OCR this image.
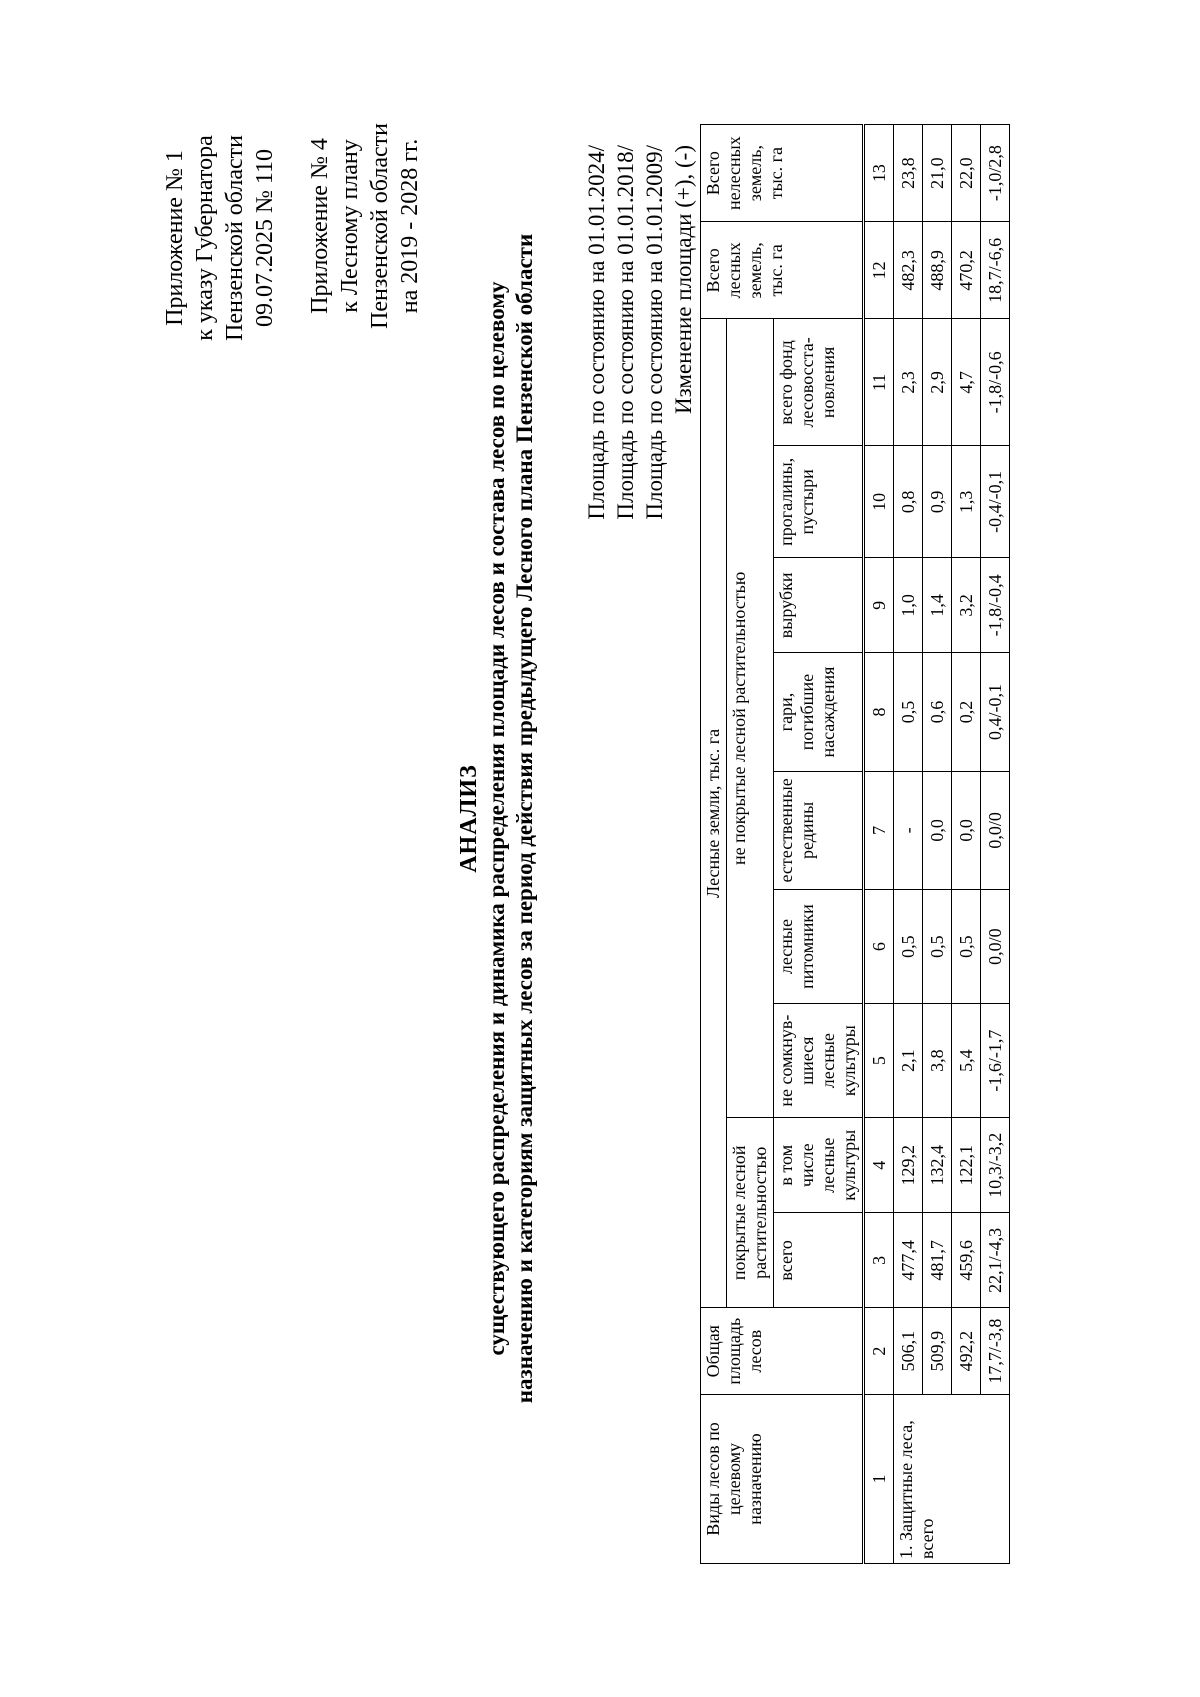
Приложение № 1 к указу Губернатора Пензенской области 09.07.2025 № 110 Приложение № 4 к Лесному плану Пензенской области на 2019 - 2028 гг.
АНАЛИЗ существующего распределения и динамика распределения площади лесов и состава лесов по целевому назначению и категориям защитных лесов за период действия предыдущего Лесного плана Пензенской области Площадь по состоянию на 01.01.2024/ Площадь по состоянию на 01.01.2018/ Площадь по состоянию на 01.01.2009/ Изменение площади (+), (-)
Виды лесов по целевому назначению	Общая площадь лесов	Лесные земли, тыс. га									Всего лесных земель, тыс. га	Всего нелесных земель, тыс. га
		покрытые лесной растительностью		не покрытые лесной растительностью								
		всего	в том числе лесные культуры	не сомкнув-шиеся лесные культуры	лесные питомники	естественные редины	гари, погибшие насаждения	вырубки	прогалины, пустыри	всего фонд лесовосста-новления		
1	2	3	4	5	6	7	8	9	10	11	12	13
1. Защитные леса, всего	506,1	477,4	129,2	2,1	0,5	-	0,5	1,0	0,8	2,3	482,3	23,8
	509,9	481,7	132,4	3,8	0,5	0,0	0,6	1,4	0,9	2,9	488,9	21,0
	492,2	459,6	122,1	5,4	0,5	0,0	0,2	3,2	1,3	4,7	470,2	22,0
	17,7/-3,8	22,1/-4,3	10,3/-3,2	-1,6/-1,7	0,0/0	0,0/0	0,4/-0,1	-1,8/-0,4	-0,4/-0,1	-1,8/-0,6	18,7/-6,6	-1,0/2,8
